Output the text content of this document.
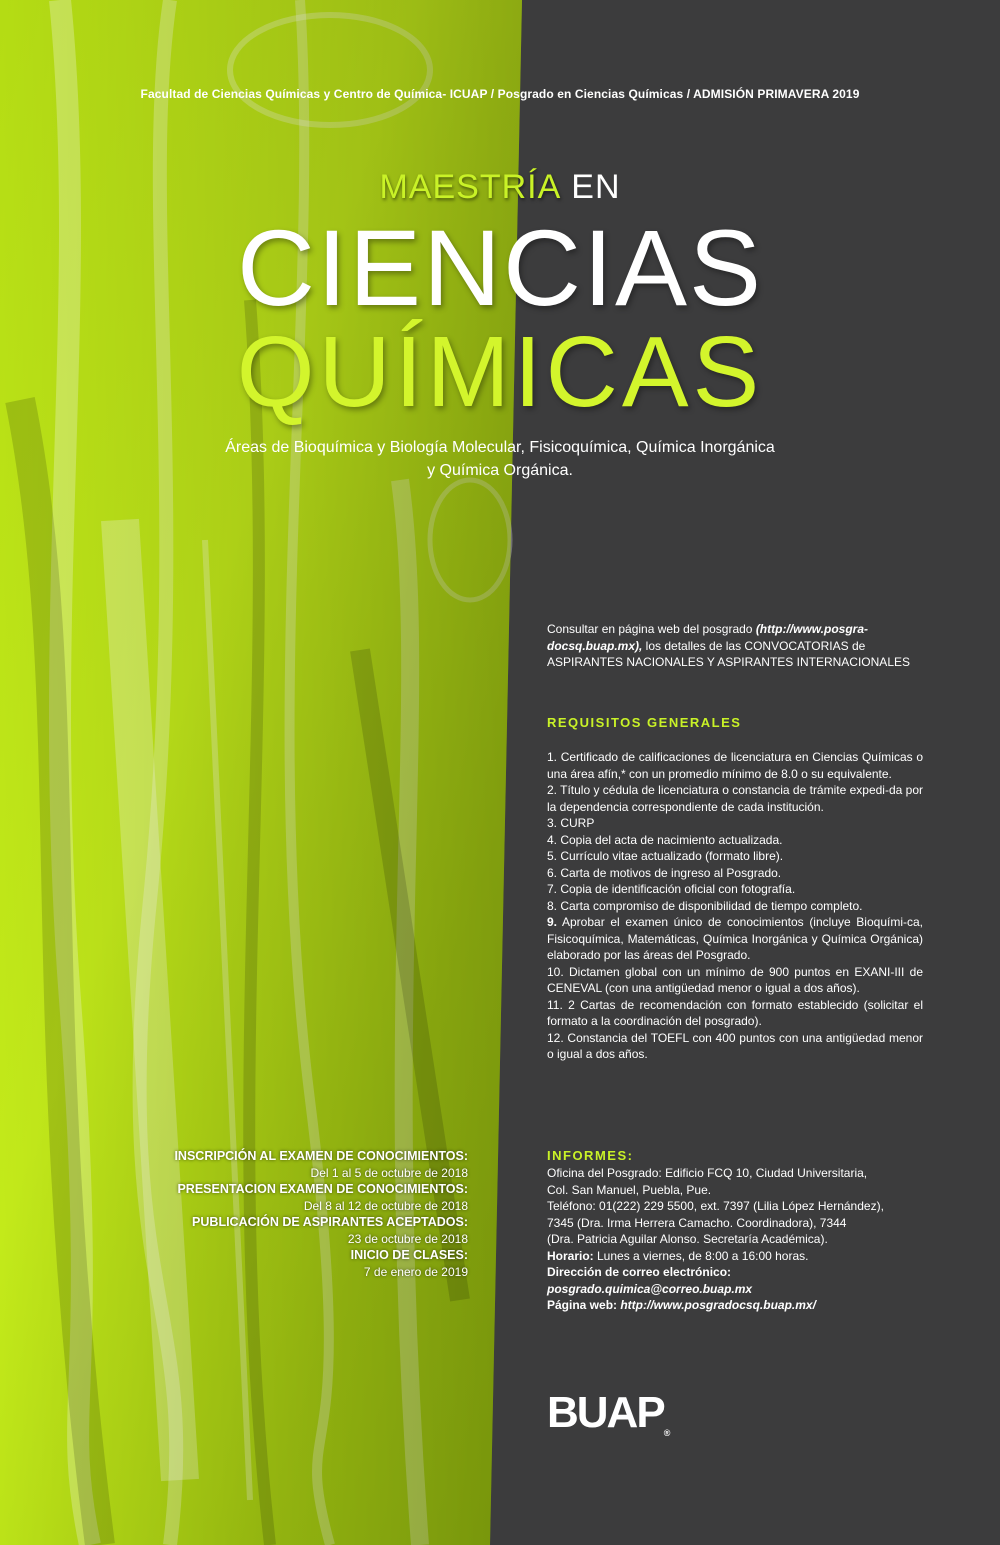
Facultad de Ciencias Químicas y Centro de Química- ICUAP / Posgrado en Ciencias Químicas / ADMISIÓN PRIMAVERA 2019
MAESTRÍA EN
CIENCIAS
QUÍMICAS
Áreas de Bioquímica y Biología Molecular, Fisicoquímica, Química Inorgánica
y Química Orgánica.
Consultar en página web del posgrado (http://www.posgra-docsq.buap.mx), los detalles de las CONVOCATORIAS de ASPIRANTES NACIONALES Y ASPIRANTES INTERNACIONALES
REQUISITOS GENERALES
1. Certificado de calificaciones de licenciatura en Ciencias Químicas o una área afín,* con un promedio mínimo de 8.0 o su equivalente.
2. Título y cédula de licenciatura o constancia de trámite expedi-da por la dependencia correspondiente de cada institución.
3. CURP
4. Copia del acta de nacimiento actualizada.
5. Currículo vitae actualizado (formato libre).
6. Carta de motivos de ingreso al Posgrado.
7. Copia de identificación oficial con fotografía.
8. Carta compromiso de disponibilidad de tiempo completo.
9. Aprobar el examen único de conocimientos (incluye Bioquími-ca, Fisicoquímica, Matemáticas, Química Inorgánica y Química Orgánica) elaborado por las áreas del Posgrado.
10. Dictamen global con un mínimo de 900 puntos en EXANI-III de CENEVAL (con una antigüedad menor o igual a dos años).
11. 2 Cartas de recomendación con formato establecido (solicitar el formato a la coordinación del posgrado).
12. Constancia del TOEFL con 400 puntos con una antigüedad menor o igual a dos años.
INSCRIPCIÓN AL EXAMEN DE CONOCIMIENTOS:
Del 1 al 5 de octubre de 2018
PRESENTACION EXAMEN DE CONOCIMIENTOS:
Del 8 al 12 de octubre de 2018
PUBLICACIÓN DE ASPIRANTES ACEPTADOS:
23 de octubre de 2018
INICIO DE CLASES:
7 de enero de 2019
INFORMES:
Oficina del Posgrado: Edificio FCQ 10, Ciudad Universitaria,
Col. San Manuel, Puebla, Pue.
Teléfono: 01(222) 229 5500, ext. 7397 (Lilia López Hernández),
7345 (Dra. Irma Herrera Camacho. Coordinadora), 7344
(Dra. Patricia Aguilar Alonso. Secretaría Académica).
Horario: Lunes a viernes, de 8:00 a 16:00 horas.
Dirección de correo electrónico:
posgrado.quimica@correo.buap.mx
Página web: http://www.posgradocsq.buap.mx/
BUAP®
